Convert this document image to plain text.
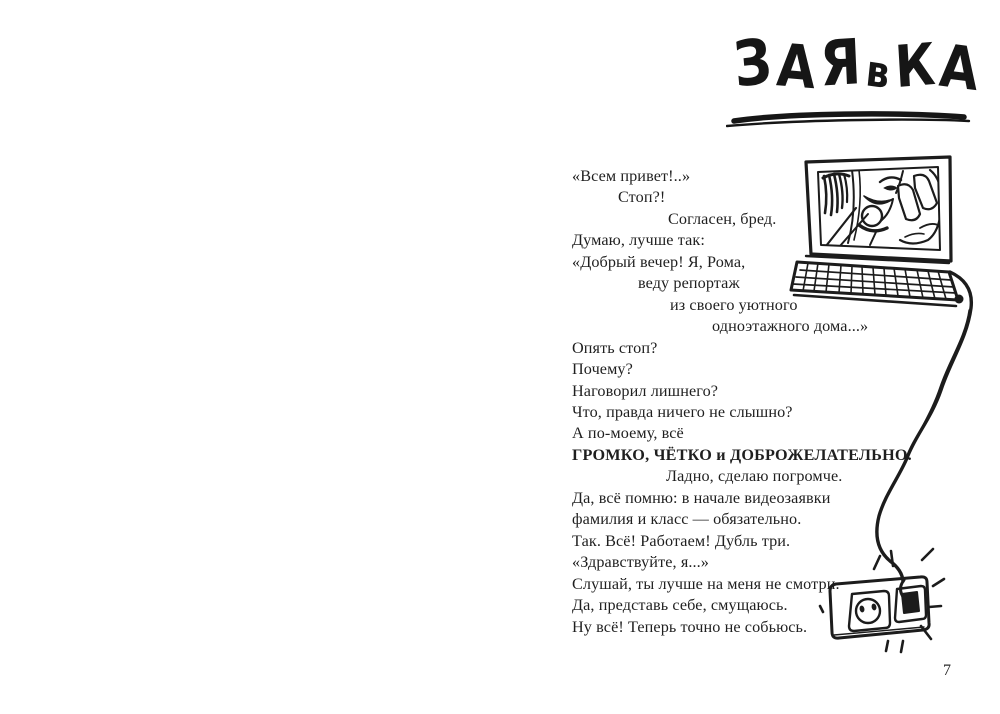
З А Я в К А
«Всем привет!..»
Стоп?!
Согласен, бред.
Думаю, лучше так:
«Добрый вечер! Я, Рома,
веду репортаж
из своего уютного
одноэтажного дома...»
Опять стоп?
Почему?
Наговорил лишнего?
Что, правда ничего не слышно?
А по-моему, всё
ГРОМКО, ЧЁТКО и ДОБРОЖЕЛАТЕЛЬНО.
Ладно, сделаю погромче.
Да, всё помню: в начале видеозаявки
фамилия и класс — обязательно.
Так. Всё! Работаем! Дубль три.
«Здравствуйте, я...»
Слушай, ты лучше на меня не смотри.
Да, представь себе, смущаюсь.
Ну всё! Теперь точно не собьюсь.
7
